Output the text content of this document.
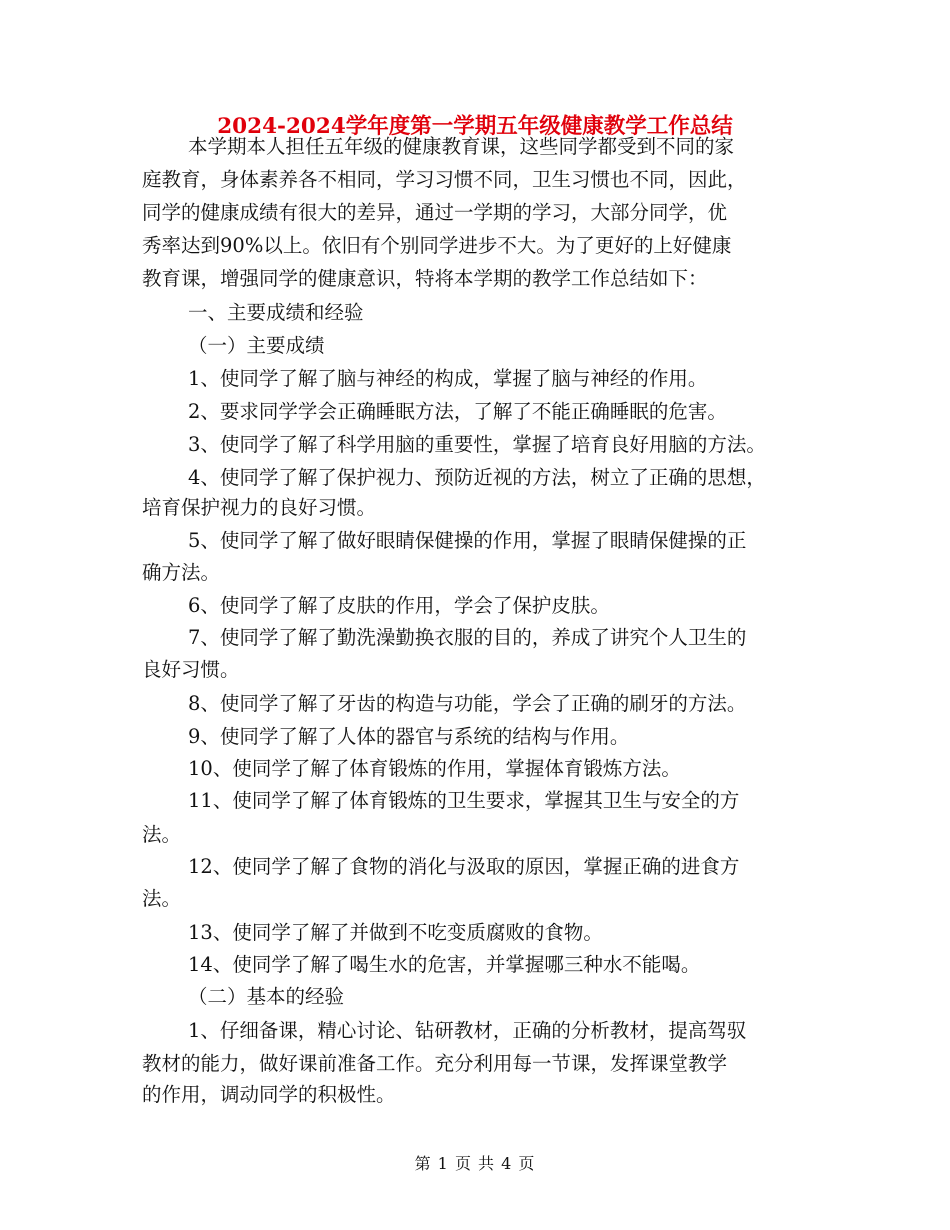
2024-2024学年度第一学期五年级健康教学工作总结
本学期本人担任五年级的健康教育课，这些同学都受到不同的家
庭教育，身体素养各不相同，学习习惯不同，卫生习惯也不同，因此，
同学的健康成绩有很大的差异，通过一学期的学习，大部分同学，优
秀率达到90%以上。依旧有个别同学进步不大。为了更好的上好健康
教育课，增强同学的健康意识，特将本学期的教学工作总结如下：
一、主要成绩和经验
（一）主要成绩
1、使同学了解了脑与神经的构成，掌握了脑与神经的作用。
2、要求同学学会正确睡眠方法，了解了不能正确睡眠的危害。
3、使同学了解了科学用脑的重要性，掌握了培育良好用脑的方法。
4、使同学了解了保护视力、预防近视的方法，树立了正确的思想，
培育保护视力的良好习惯。
5、使同学了解了做好眼睛保健操的作用，掌握了眼睛保健操的正
确方法。
6、使同学了解了皮肤的作用，学会了保护皮肤。
7、使同学了解了勤洗澡勤换衣服的目的，养成了讲究个人卫生的
良好习惯。
8、使同学了解了牙齿的构造与功能，学会了正确的刷牙的方法。
9、使同学了解了人体的器官与系统的结构与作用。
10、使同学了解了体育锻炼的作用，掌握体育锻炼方法。
11、使同学了解了体育锻炼的卫生要求，掌握其卫生与安全的方
法。
12、使同学了解了食物的消化与汲取的原因，掌握正确的进食方
法。
13、使同学了解了并做到不吃变质腐败的食物。
14、使同学了解了喝生水的危害，并掌握哪三种水不能喝。
（二）基本的经验
1、仔细备课，精心讨论、钻研教材，正确的分析教材，提高驾驭
教材的能力，做好课前准备工作。充分利用每一节课，发挥课堂教学
的作用，调动同学的积极性。
第 1 页 共 4 页
